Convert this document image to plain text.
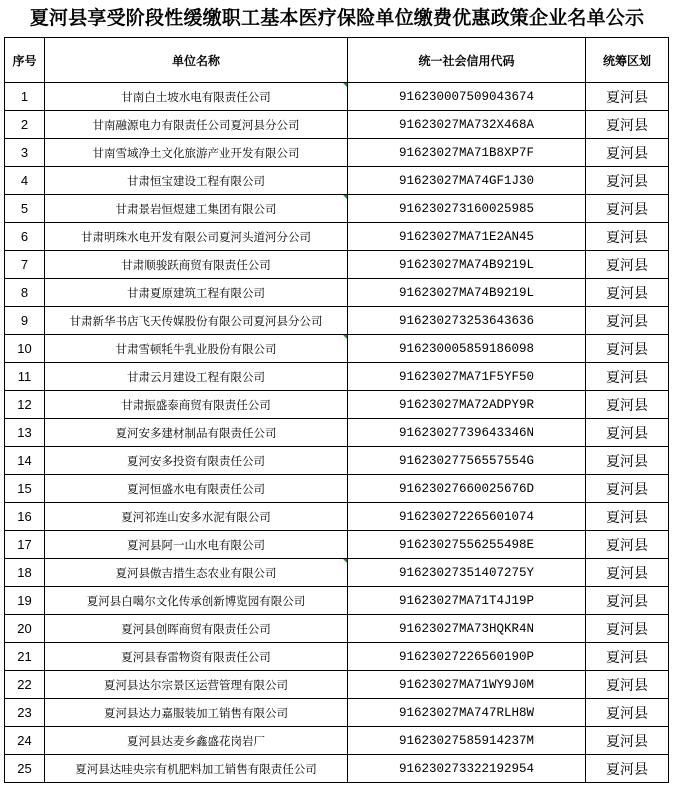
夏河县享受阶段性缓缴职工基本医疗保险单位缴费优惠政策企业名单公示
序号	单位名称	统一社会信用代码	统筹区划
1	甘南白土坡水电有限责任公司	916230007509043674	夏河县
2	甘南融源电力有限责任公司夏河县分公司	91623027MA732X468A	夏河县
3	甘南雪域净土文化旅游产业开发有限公司	91623027MA71B8XP7F	夏河县
4	甘肃恒宝建设工程有限公司	91623027MA74GF1J30	夏河县
5	甘肃景岩恒煜建工集团有限公司	916230273160025985	夏河县
6	甘肃明珠水电开发有限公司夏河头道河分公司	91623027MA71E2AN45	夏河县
7	甘肃顺骏跃商贸有限责任公司	91623027MA74B9219L	夏河县
8	甘肃夏原建筑工程有限公司	91623027MA74B9219L	夏河县
9	甘肃新华书店飞天传媒股份有限公司夏河县分公司	916230273253643636	夏河县
10	甘肃雪顿牦牛乳业股份有限公司	916230005859186098	夏河县
11	甘肃云月建设工程有限公司	91623027MA71F5YF50	夏河县
12	甘肃振盛泰商贸有限责任公司	91623027MA72ADPY9R	夏河县
13	夏河安多建材制品有限责任公司	91623027739643346N	夏河县
14	夏河安多投资有限责任公司	91623027756557554G	夏河县
15	夏河恒盛水电有限责任公司	91623027660025676D	夏河县
16	夏河祁连山安多水泥有限公司	916230272265601074	夏河县
17	夏河县阿一山水电有限公司	91623027556255498E	夏河县
18	夏河县傲吉措生态农业有限公司	91623027351407275Y	夏河县
19	夏河县白噶尔文化传承创新博览园有限公司	91623027MA71T4J19P	夏河县
20	夏河县创晖商贸有限责任公司	91623027MA73HQKR4N	夏河县
21	夏河县春雷物资有限责任公司	91623027226560190P	夏河县
22	夏河县达尔宗景区运营管理有限公司	91623027MA71WY9J0M	夏河县
23	夏河县达力嘉服装加工销售有限公司	91623027MA747RLH8W	夏河县
24	夏河县达麦乡鑫盛花岗岩厂	91623027585914237M	夏河县
25	夏河县达哇央宗有机肥料加工销售有限责任公司	916230273322192954	夏河县
